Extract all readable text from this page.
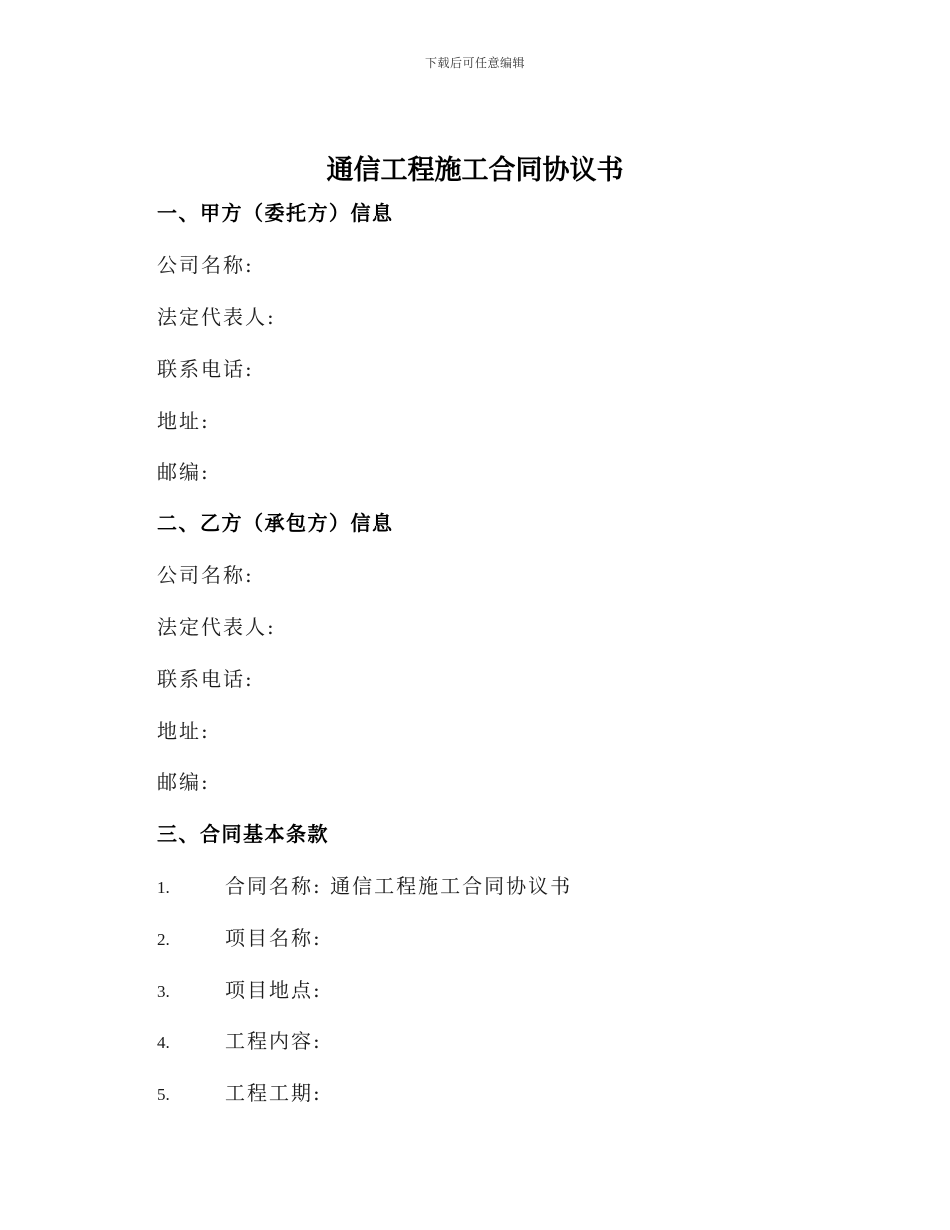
下载后可任意编辑
通信工程施工合同协议书
一、甲方（委托方）信息
公司名称:
法定代表人:
联系电话:
地址:
邮编:
二、乙方（承包方）信息
公司名称:
法定代表人:
联系电话:
地址:
邮编:
三、合同基本条款
1.	合同名称: 通信工程施工合同协议书
2.	项目名称:
3.	项目地点:
4.	工程内容:
5.	工程工期:
